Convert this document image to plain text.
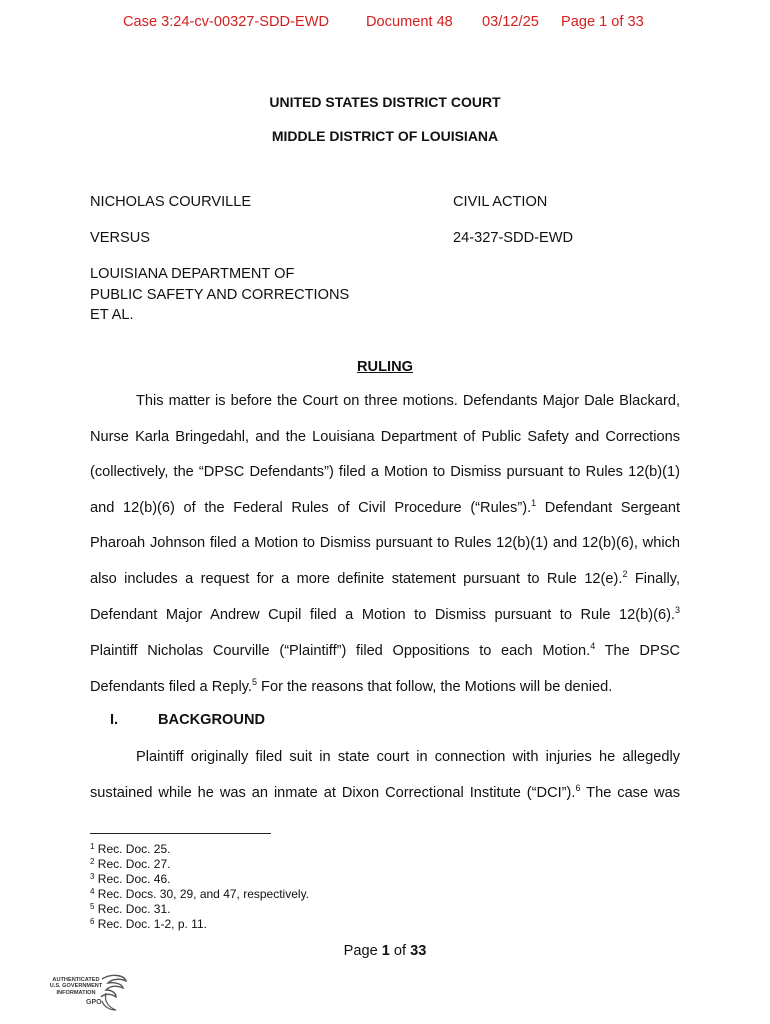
Case 3:24-cv-00327-SDD-EWD	Document 48 03/12/25 Page 1 of 33
UNITED STATES DISTRICT COURT
MIDDLE DISTRICT OF LOUISIANA
NICHOLAS COURVILLE	CIVIL ACTION
VERSUS	24-327-SDD-EWD
LOUISIANA DEPARTMENT OF
PUBLIC SAFETY AND CORRECTIONS
ET AL.
RULING
This matter is before the Court on three motions. Defendants Major Dale Blackard,
Nurse Karla Bringedahl, and the Louisiana Department of Public Safety and Corrections
(collectively, the “DPSC Defendants”) filed a Motion to Dismiss pursuant to Rules 12(b)(1)
and 12(b)(6) of the Federal Rules of Civil Procedure (“Rules”).$^1$ Defendant Sergeant
Pharoah Johnson filed a Motion to Dismiss pursuant to Rules 12(b)(1) and 12(b)(6), which
also includes a request for a more definite statement pursuant to Rule 12(e).$^2$ Finally,
Defendant Major Andrew Cupil filed a Motion to Dismiss pursuant to Rule 12(b)(6).$^3$
Plaintiff Nicholas Courville (“Plaintiff”) filed Oppositions to each Motion.$^4$ The DPSC
Defendants filed a Reply.$^5$ For the reasons that follow, the Motions will be denied.
I.	BACKGROUND
Plaintiff originally filed suit in state court in connection with injuries he allegedly
sustained while he was an inmate at Dixon Correctional Institute (“DCI”).$^6$ The case was
$^1$ Rec. Doc. 25.
$^2$ Rec. Doc. 27.
$^3$ Rec. Doc. 46.
$^4$ Rec. Docs. 30, 29, and 47, respectively.
$^5$ Rec. Doc. 31.
$^6$ Rec. Doc. 1-2, p. 11.
Page 1 of 33
AUTHENTICATED
U.S. GOVERNMENT
INFORMATION
GPO
